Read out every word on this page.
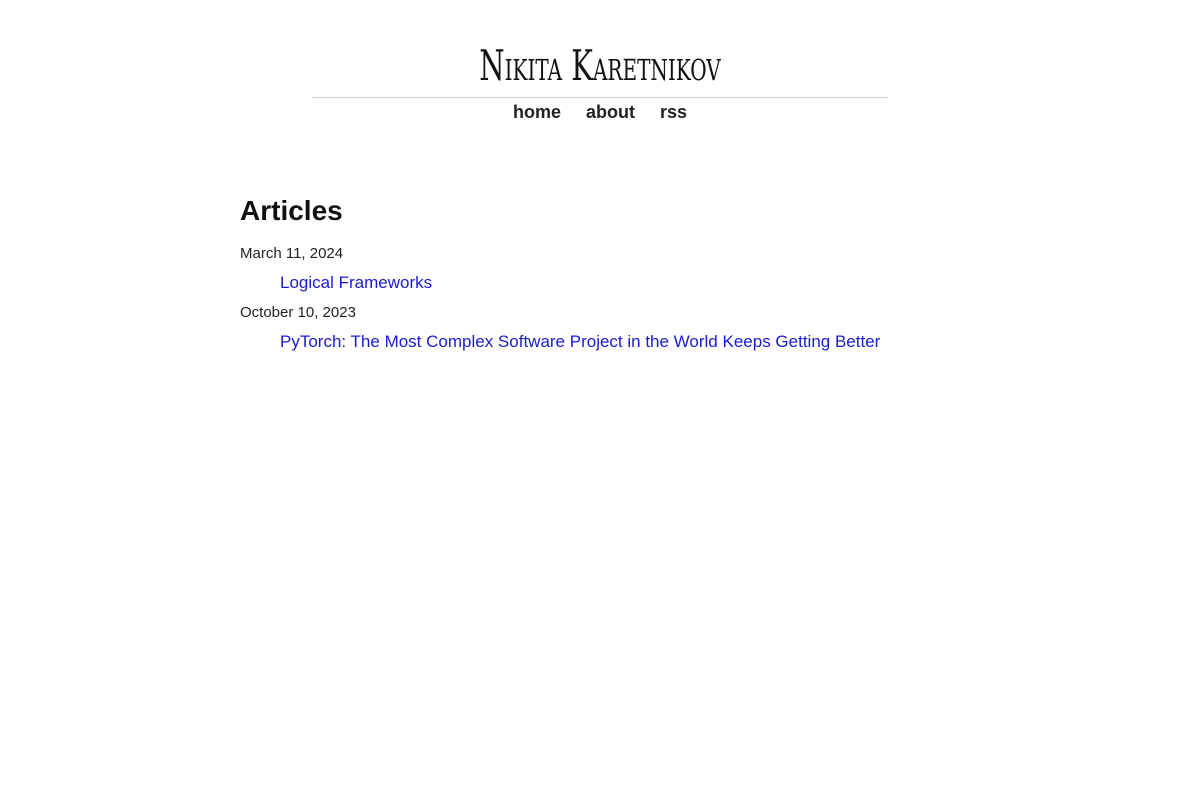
Nikita Karetnikov
home about rss
Articles
March 11, 2024
Logical Frameworks
October 10, 2023
PyTorch: The Most Complex Software Project in the World Keeps Getting Better
